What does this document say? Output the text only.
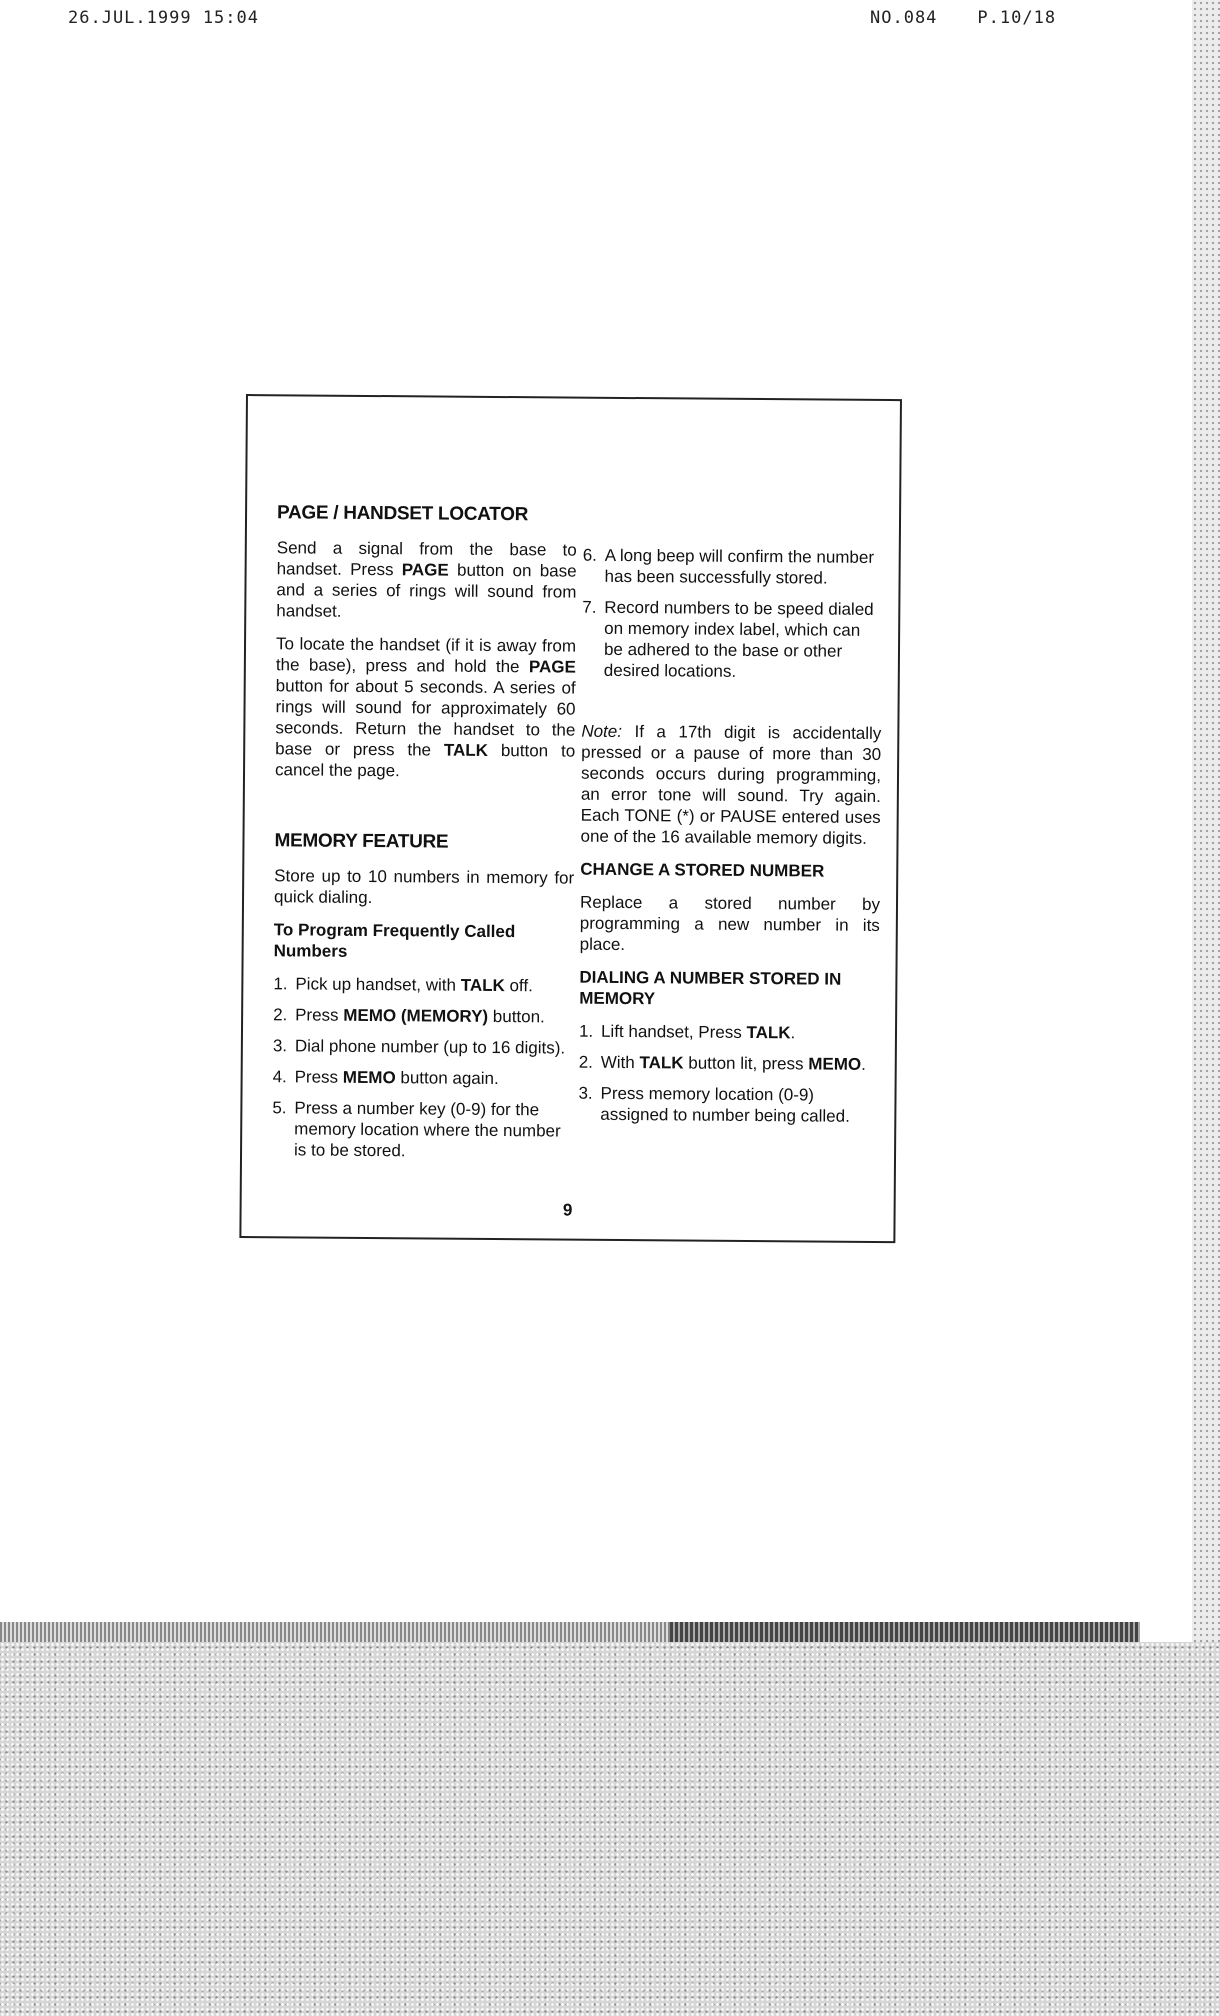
26.JUL.1999 15:04	NO.084 P.10/18
PAGE / HANDSET LOCATOR

Send a signal from the base to handset. Press PAGE button on base and a series of rings will sound from handset.

To locate the handset (if it is away from the base), press and hold the PAGE button for about 5 seconds. A series of rings will sound for approximately 60 seconds. Return the handset to the base or press the TALK button to cancel the page.

MEMORY FEATURE

Store up to 10 numbers in memory for quick dialing.

To Program Frequently Called Numbers
1. Pick up handset, with TALK off.
2. Press MEMO (MEMORY) button.
3. Dial phone number (up to 16 digits).
4. Press MEMO button again.
5. Press a number key (0-9) for the memory location where the number is to be stored.
6. A long beep will confirm the number has been successfully stored.
7. Record numbers to be speed dialed on memory index label, which can be adhered to the base or other desired locations.

Note: If a 17th digit is accidentally pressed or a pause of more than 30 seconds occurs during programming, an error tone will sound. Try again. Each TONE (*) or PAUSE entered uses one of the 16 available memory digits.

CHANGE A STORED NUMBER

Replace a stored number by programming a new number in its place.

DIALING A NUMBER STORED IN MEMORY
1. Lift handset, Press TALK.
2. With TALK button lit, press MEMO.
3. Press memory location (0-9) assigned to number being called.
9
